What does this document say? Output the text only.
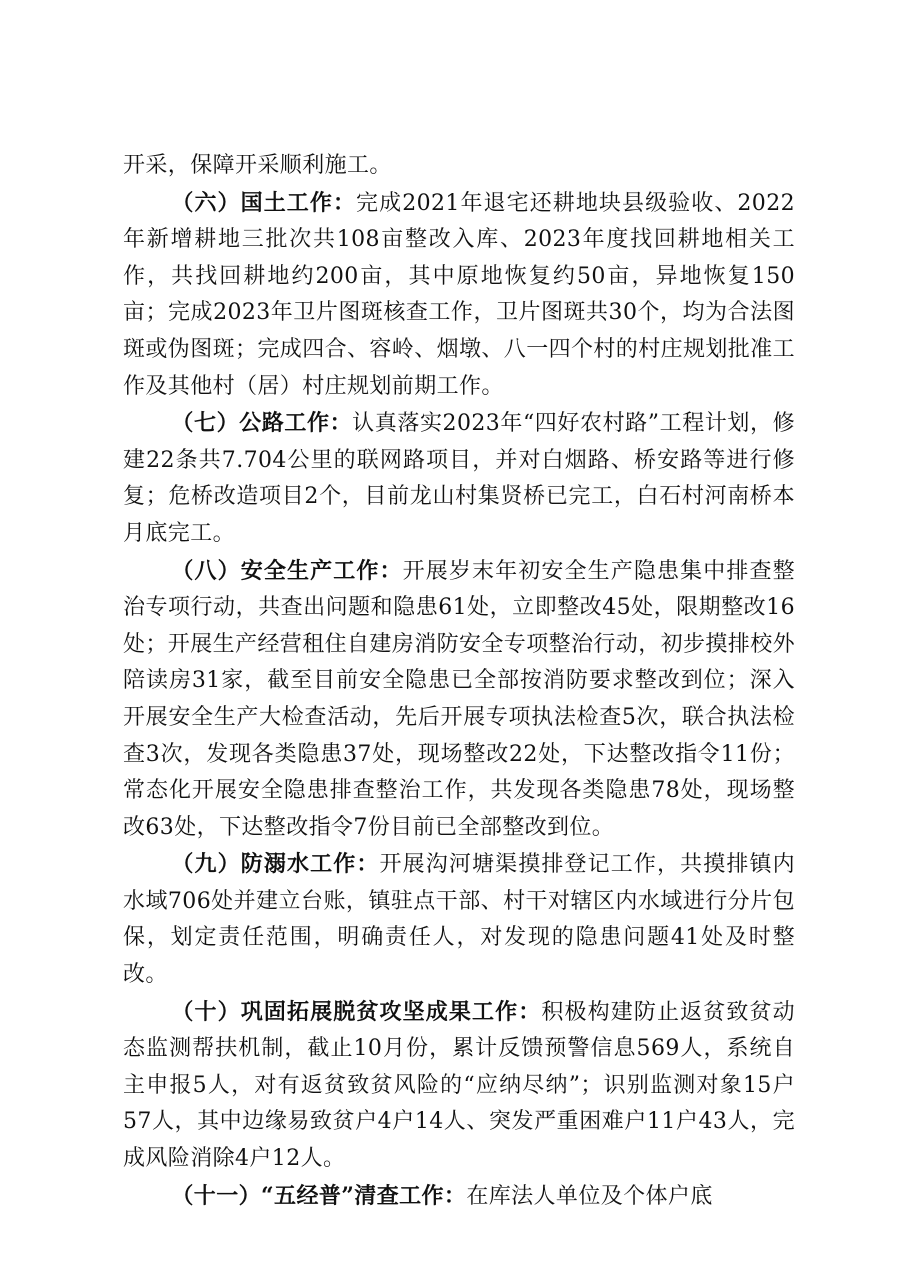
开采，保障开采顺利施工。

（六）国土工作：完成2021年退宅还耕地块县级验收、2022年新增耕地三批次共108亩整改入库、2023年度找回耕地相关工作，共找回耕地约200亩，其中原地恢复约50亩，异地恢复150亩；完成2023年卫片图斑核查工作，卫片图斑共30个，均为合法图斑或伪图斑；完成四合、容岭、烟墩、八一四个村的村庄规划批准工作及其他村（居）村庄规划前期工作。

（七）公路工作：认真落实2023年“四好农村路”工程计划，修建22条共7.704公里的联网路项目，并对白烟路、桥安路等进行修复；危桥改造项目2个，目前龙山村集贤桥已完工，白石村河南桥本月底完工。

（八）安全生产工作：开展岁末年初安全生产隐患集中排查整治专项行动，共查出问题和隐患61处，立即整改45处，限期整改16处；开展生产经营租住自建房消防安全专项整治行动，初步摸排校外陪读房31家，截至目前安全隐患已全部按消防要求整改到位；深入开展安全生产大检查活动，先后开展专项执法检查5次，联合执法检查3次，发现各类隐患37处，现场整改22处，下达整改指令11份；常态化开展安全隐患排查整治工作，共发现各类隐患78处，现场整改63处，下达整改指令7份目前已全部整改到位。

（九）防溺水工作：开展沟河塘渠摸排登记工作，共摸排镇内水域706处并建立台账，镇驻点干部、村干对辖区内水域进行分片包保，划定责任范围，明确责任人，对发现的隐患问题41处及时整改。

（十）巩固拓展脱贫攻坚成果工作：积极构建防止返贫致贫动态监测帮扶机制，截止10月份，累计反馈预警信息569人，系统自主申报5人，对有返贫致贫风险的“应纳尽纳”；识别监测对象15户57人，其中边缘易致贫户4户14人、突发严重困难户11户43人，完成风险消除4户12人。

（十一）“五经普”清查工作：在库法人单位及个体户底
